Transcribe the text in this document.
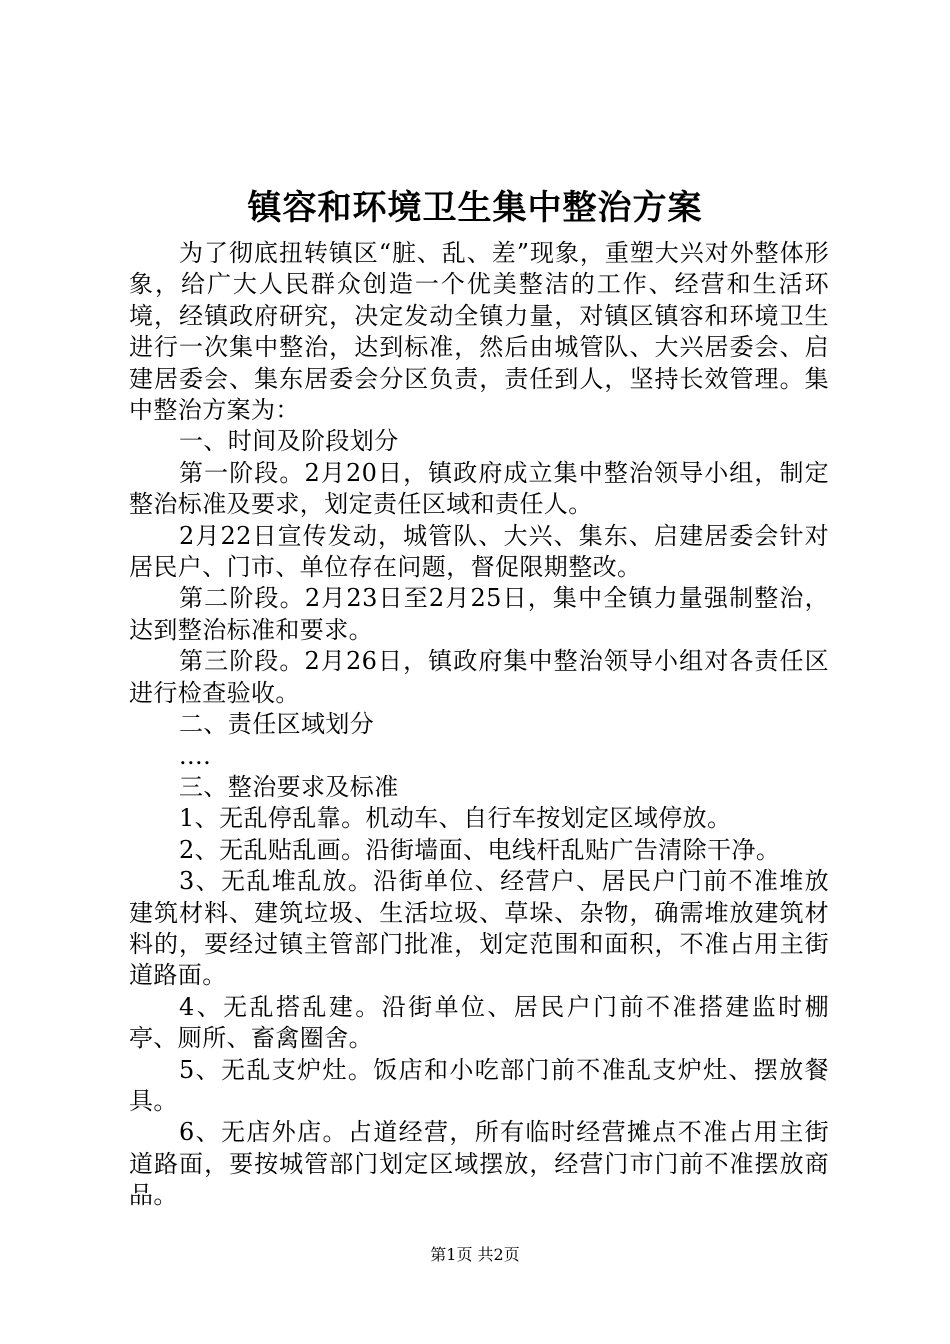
镇容和环境卫生集中整治方案

为了彻底扭转镇区“脏、乱、差”现象，重塑大兴对外整体形象，给广大人民群众创造一个优美整洁的工作、经营和生活环境，经镇政府研究，决定发动全镇力量，对镇区镇容和环境卫生进行一次集中整治，达到标准，然后由城管队、大兴居委会、启建居委会、集东居委会分区负责，责任到人，坚持长效管理。集中整治方案为：

一、时间及阶段划分

第一阶段。2月20日，镇政府成立集中整治领导小组，制定整治标准及要求，划定责任区域和责任人。

2月22日宣传发动，城管队、大兴、集东、启建居委会针对居民户、门市、单位存在问题，督促限期整改。

第二阶段。2月23日至2月25日，集中全镇力量强制整治，达到整治标准和要求。

第三阶段。2月26日，镇政府集中整治领导小组对各责任区进行检查验收。

二、责任区域划分

....

三、整治要求及标准

1、无乱停乱靠。机动车、自行车按划定区域停放。

2、无乱贴乱画。沿街墙面、电线杆乱贴广告清除干净。

3、无乱堆乱放。沿街单位、经营户、居民户门前不准堆放建筑材料、建筑垃圾、生活垃圾、草垛、杂物，确需堆放建筑材料的，要经过镇主管部门批准，划定范围和面积，不准占用主街道路面。

4、无乱搭乱建。沿街单位、居民户门前不准搭建监时棚亭、厕所、畜禽圈舍。

5、无乱支炉灶。饭店和小吃部门前不准乱支炉灶、摆放餐具。

6、无店外店。占道经营，所有临时经营摊点不准占用主街道路面，要按城管部门划定区域摆放，经营门市门前不准摆放商品。

第1页 共2页
